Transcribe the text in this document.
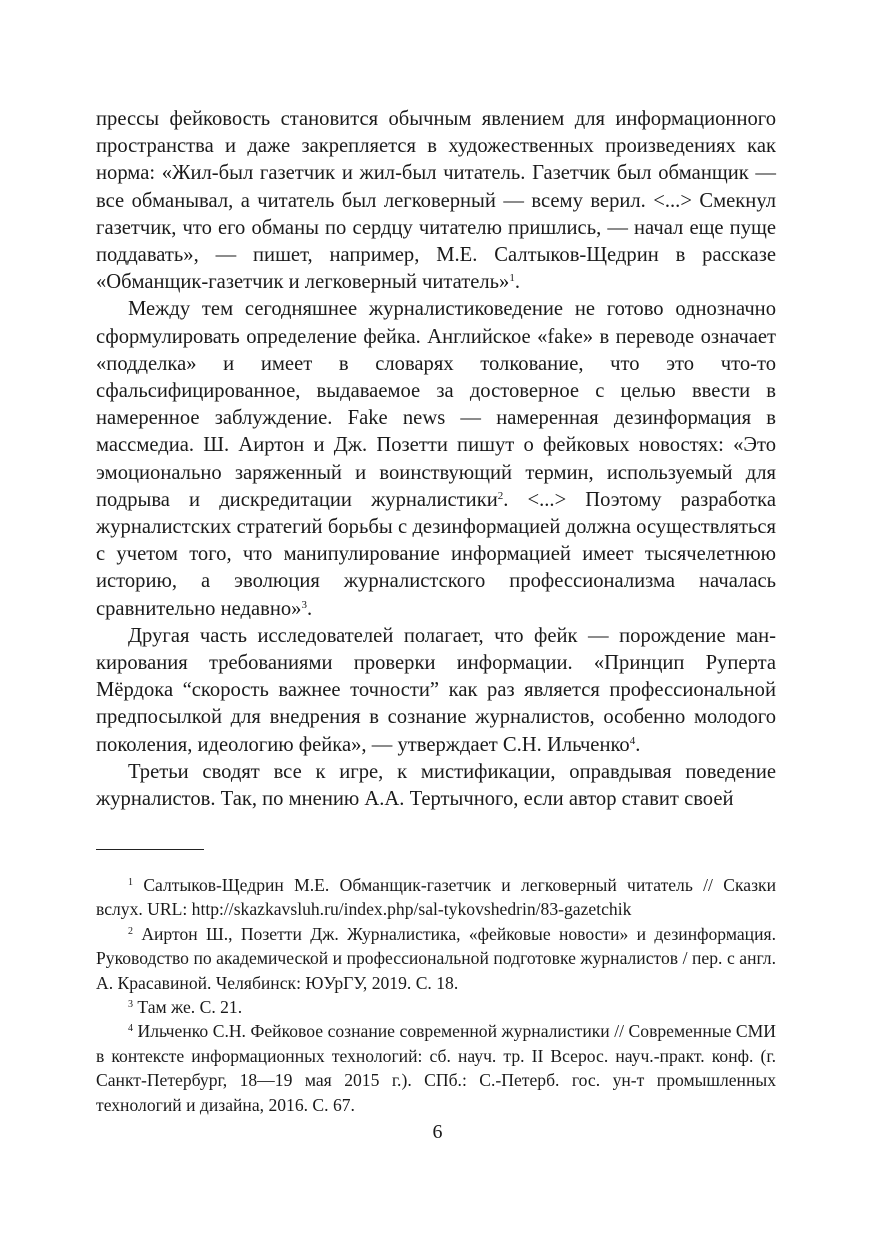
прессы фейковость становится обычным явлением для информационного пространства и даже закрепляется в художественных произведениях как норма: «Жил-был газетчик и жил-был читатель. Газетчик был обманщик — все обманывал, а читатель был легковерный — всему верил. <...> Смекнул газетчик, что его обманы по сердцу читателю пришлись, — начал еще пуще поддавать», — пишет, например, М.Е. Салтыков-Щедрин в рассказе «Обманщик-газетчик и легковерный читатель»$^1$.

Между тем сегодняшнее журналистиковедение не готово однозначно сформулировать определение фейка. Английское «fake» в переводе означает «подделка» и имеет в словарях толкование, что это что-то сфальсифицированное, выдаваемое за достоверное с целью ввести в намеренное заблуждение. Fake news — намеренная дезинформация в массмедиа. Ш. Аиртон и Дж. Позетти пишут о фейковых новостях: «Это эмоционально заряженный и воинствующий термин, используемый для подрыва и дискредитации журналистики$^2$. <...> Поэтому разработка журналистских стратегий борьбы с дезинформацией должна осуществляться с учетом того, что манипулирование информацией имеет тысячелетнюю историю, а эволюция журналистского профессионализма началась сравнительно недавно»$^3$.

Другая часть исследователей полагает, что фейк — порождение манкирования требованиями проверки информации. «Принцип Руперта Мёрдока “скорость важнее точности” как раз является профессиональной предпосылкой для внедрения в сознание журналистов, особенно молодого поколения, идеологию фейка», — утверждает С.Н. Ильченко$^4$.

Третьи сводят все к игре, к мистификации, оправдывая поведение журналистов. Так, по мнению А.А. Тертычного, если автор ставит своей

$^1$ Салтыков-Щедрин М.Е. Обманщик-газетчик и легковерный читатель // Сказки вслух. URL: http://skazkavsluh.ru/index.php/sal-tykovshedrin/83-gazetchik

$^2$ Аиртон Ш., Позетти Дж. Журналистика, «фейковые новости» и дезинформация. Руководство по академической и профессиональной подготовке журналистов / пер. с англ. А. Красавиной. Челябинск: ЮУрГУ, 2019. С. 18.

$^3$ Там же. С. 21.

$^4$ Ильченко С.Н. Фейковое сознание современной журналистики // Современные СМИ в контексте информационных технологий: сб. науч. тр. II Всерос. науч.-практ. конф. (г. Санкт-Петербург, 18—19 мая 2015 г.). СПб.: С.-Петерб. гос. ун-т промышленных технологий и дизайна, 2016. С. 67.

6
